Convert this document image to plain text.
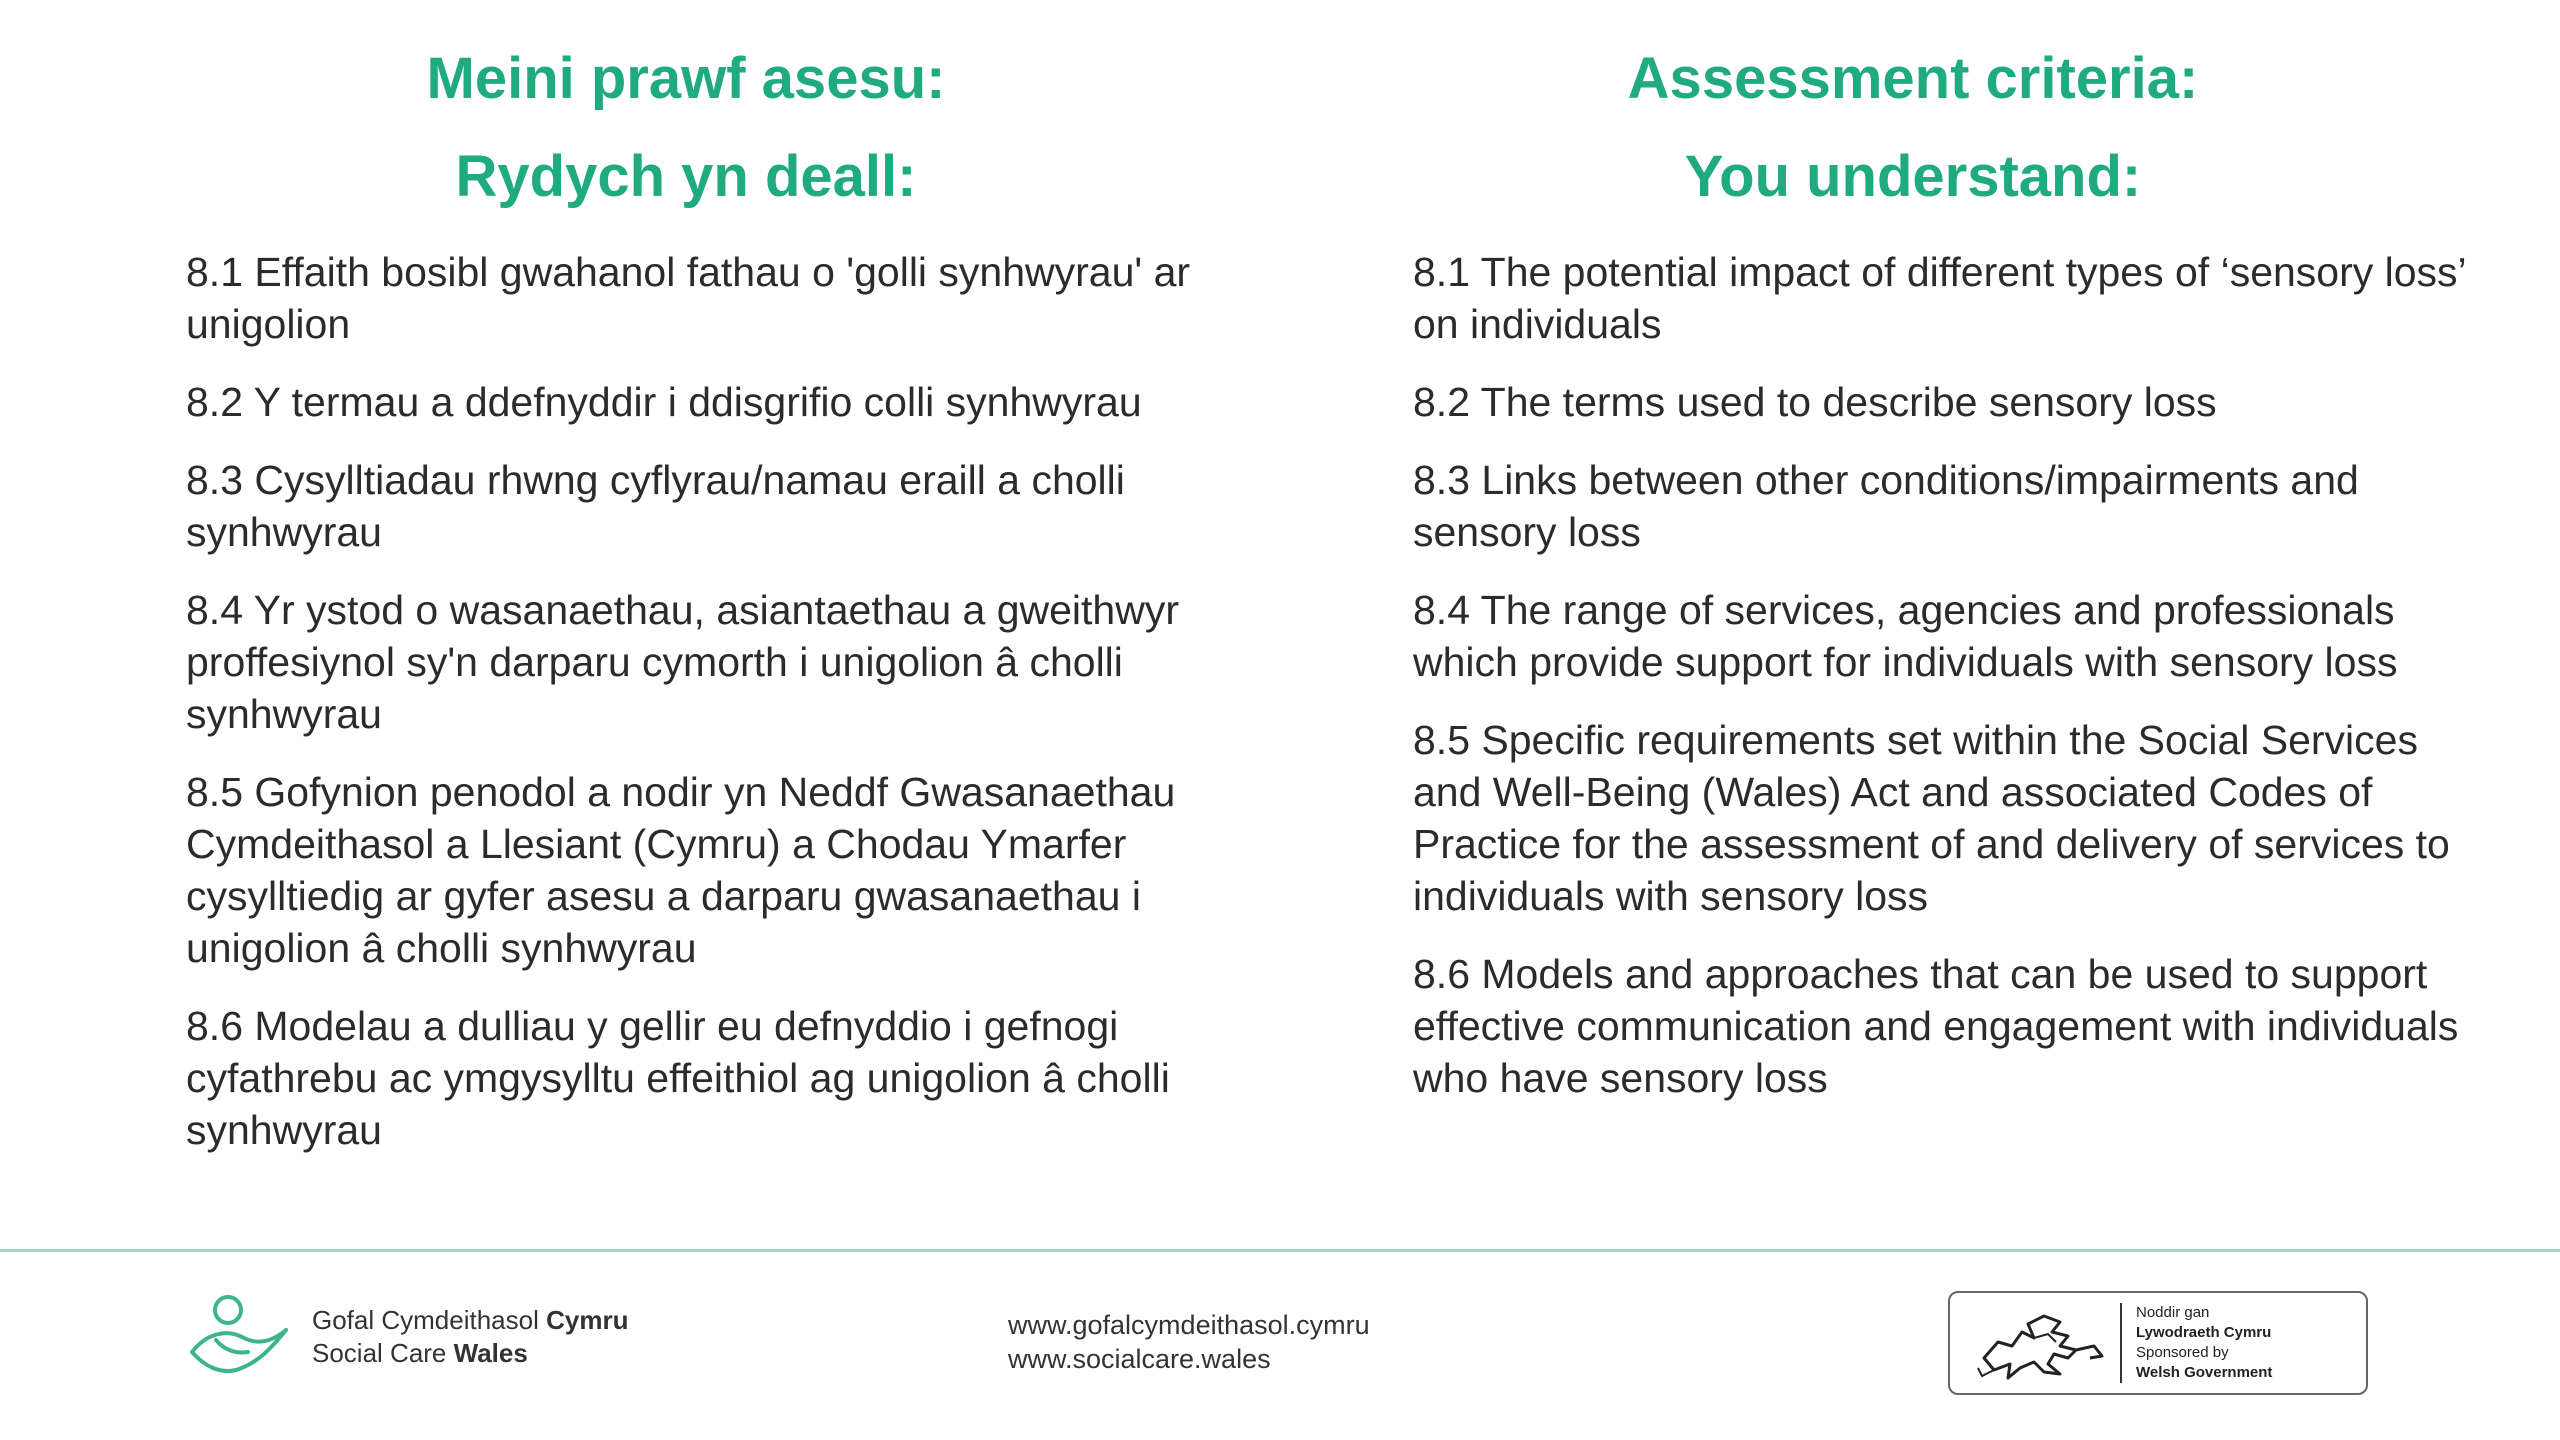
Meini prawf asesu:
Rydych yn deall:
8.1 Effaith bosibl gwahanol fathau o 'golli synhwyrau' ar unigolion
8.2 Y termau a ddefnyddir i ddisgrifio colli synhwyrau
8.3 Cysylltiadau rhwng cyflyrau/namau eraill a cholli synhwyrau
8.4 Yr ystod o wasanaethau, asiantaethau a gweithwyr proffesiynol sy'n darparu cymorth i unigolion â cholli synhwyrau
8.5 Gofynion penodol a nodir yn Neddf Gwasanaethau Cymdeithasol a Llesiant (Cymru) a Chodau Ymarfer cysylltiedig ar gyfer asesu a darparu gwasanaethau i unigolion â cholli synhwyrau
8.6 Modelau a dulliau y gellir eu defnyddio i gefnogi cyfathrebu ac ymgysylltu effeithiol ag unigolion â cholli synhwyrau
Assessment criteria:
You understand:
8.1 The potential impact of different types of ‘sensory loss’ on individuals
8.2 The terms used to describe sensory loss
8.3 Links between other conditions/impairments and sensory loss
8.4 The range of services, agencies and professionals which provide support for individuals with sensory loss
8.5 Specific requirements set within the Social Services and Well-Being (Wales) Act and associated Codes of Practice for the assessment of and delivery of services to individuals with sensory loss
8.6 Models and approaches that can be used to support effective communication and engagement with individuals who have sensory loss
Gofal Cymdeithasol Cymru
Social Care Wales
www.gofalcymdeithasol.cymru
www.socialcare.wales
Noddir gan
Lywodraeth Cymru
Sponsored by
Welsh Government
